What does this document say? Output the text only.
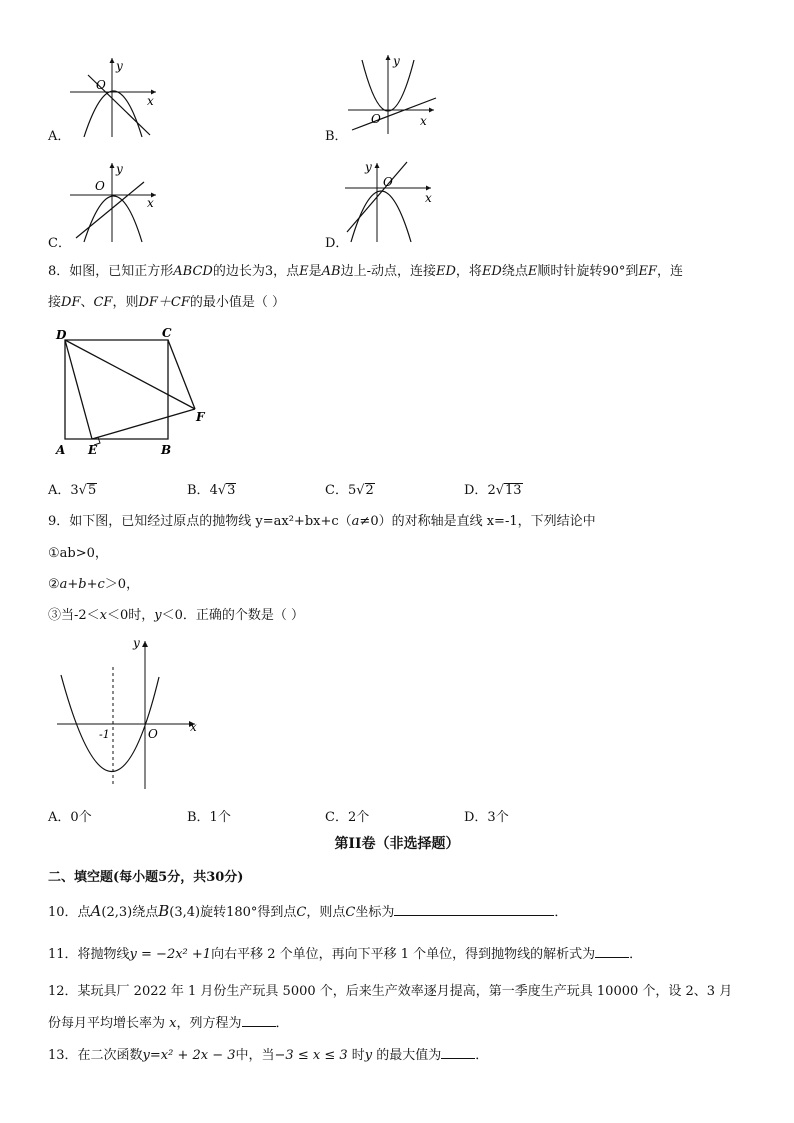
O
x
y
A．
O	x
y
B．
O
x
y
C．
O
x
y
D．
8．如图，已知正方形ABCD的边长为3，点E是AB边上-动点，连接ED，将ED绕点E顺时针旋转90°到EF，连
接DF、CF，则DF＋CF的最小值是（ ）
D	C
A E	B
F
A．3√5	B．4√3	C．5√2	D．2√13
9．如下图，已知经过原点的抛物线 y=ax²+bx+c（a≠0）的对称轴是直线 x=-1，下列结论中
①ab>0，
②a+b+c＞0，
③当-2＜x＜0时，y＜0．正确的个数是（ ）
y
x
-1	O
A．0个	B．1个	C．2个	D．3个
第II卷（非选择题）
二、填空题(每小题5分，共30分)
10．点A(2,3)绕点B(3,4)旋转180°得到点C，则点C坐标为	．
11．将抛物线y = −2x² +1向右平移 2 个单位，再向下平移 1 个单位，得到抛物线的解析式为	．
12．某玩具厂 2022 年 1 月份生产玩具 5000 个，后来生产效率逐月提高，第一季度生产玩具 10000 个，设 2、3 月
份每月平均增长率为 x，列方程为	．
13．在二次函数y=x² + 2x − 3中，当−3 ≤ x ≤ 3 时y 的最大值为	．
